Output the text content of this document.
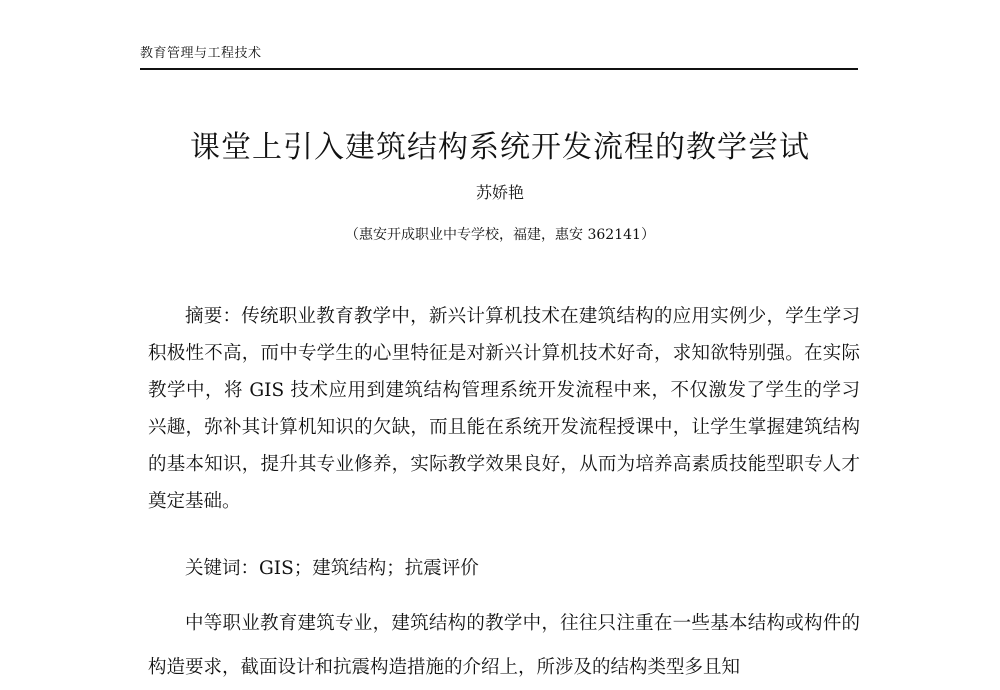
教育管理与工程技术
课堂上引入建筑结构系统开发流程的教学尝试
苏娇艳
（惠安开成职业中专学校，福建，惠安 362141）

摘要：传统职业教育教学中，新兴计算机技术在建筑结构的应用实例少，学生学习积极性不高，而中专学生的心里特征是对新兴计算机技术好奇，求知欲特别强。在实际教学中，将 GIS 技术应用到建筑结构管理系统开发流程中来，不仅激发了学生的学习兴趣，弥补其计算机知识的欠缺，而且能在系统开发流程授课中，让学生掌握建筑结构的基本知识，提升其专业修养，实际教学效果良好，从而为培养高素质技能型职专人才奠定基础。

关键词：GIS；建筑结构；抗震评价

中等职业教育建筑专业，建筑结构的教学中，往往只注重在一些基本结构或构件的构造要求，截面设计和抗震构造措施的介绍上，所涉及的结构类型多且知
